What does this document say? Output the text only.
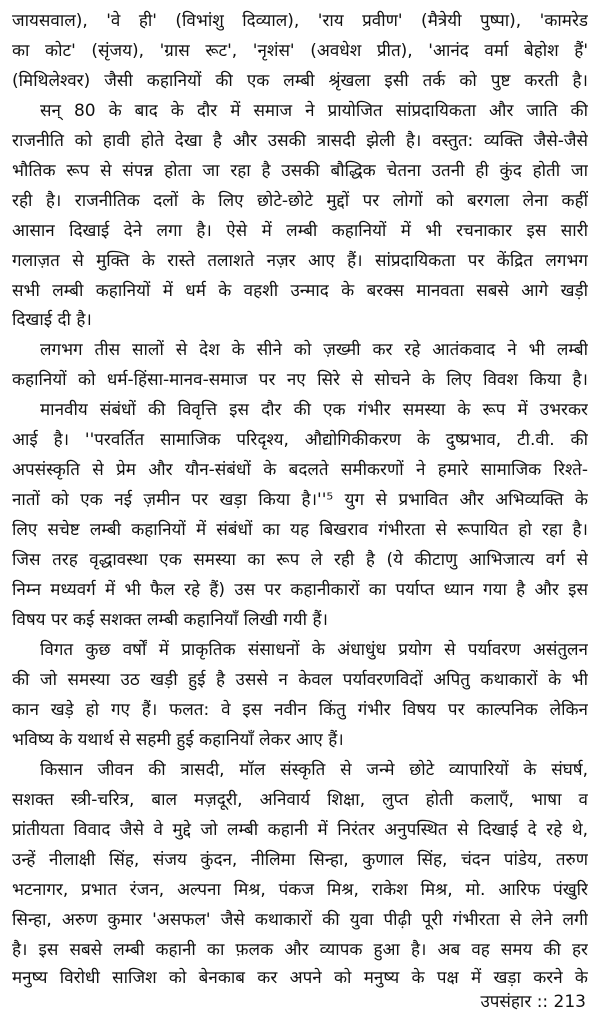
जायसवाल), 'वे ही' (विभांशु दिव्याल), 'राय प्रवीण' (मैत्रेयी पुष्पा), 'कामरेड
का कोट' (सृंजय), 'ग्रास रूट', 'नृशंस' (अवधेश प्रीत), 'आनंद वर्मा बेहोश हैं'
(मिथिलेश्वर) जैसी कहानियों की एक लम्बी श्रृंखला इसी तर्क को पुष्ट करती है।
सन् 80 के बाद के दौर में समाज ने प्रायोजित सांप्रदायिकता और जाति की
राजनीति को हावी होते देखा है और उसकी त्रासदी झेली है। वस्तुत: व्यक्ति जैसे-जैसे
भौतिक रूप से संपन्न होता जा रहा है उसकी बौद्धिक चेतना उतनी ही कुंद होती जा
रही है। राजनीतिक दलों के लिए छोटे-छोटे मुद्दों पर लोगों को बरगला लेना कहीं
आसान दिखाई देने लगा है। ऐसे में लम्बी कहानियों में भी रचनाकार इस सारी
गलाज़त से मुक्ति के रास्ते तलाशते नज़र आए हैं। सांप्रदायिकता पर केंद्रित लगभग
सभी लम्बी कहानियों में धर्म के वहशी उन्माद के बरक्स मानवता सबसे आगे खड़ी
दिखाई दी है।
लगभग तीस सालों से देश के सीने को ज़ख्मी कर रहे आतंकवाद ने भी लम्बी
कहानियों को धर्म-हिंसा-मानव-समाज पर नए सिरे से सोचने के लिए विवश किया है।
मानवीय संबंधों की विवृत्ति इस दौर की एक गंभीर समस्या के रूप में उभरकर
आई है। ''परवर्तित सामाजिक परिदृश्य, औद्योगिकीकरण के दुष्प्रभाव, टी.वी. की
अपसंस्कृति से प्रेम और यौन-संबंधों के बदलते समीकरणों ने हमारे सामाजिक रिश्ते-
नातों को एक नई ज़मीन पर खड़ा किया है।''⁵ युग से प्रभावित और अभिव्यक्ति के
लिए सचेष्ट लम्बी कहानियों में संबंधों का यह बिखराव गंभीरता से रूपायित हो रहा है।
जिस तरह वृद्धावस्था एक समस्या का रूप ले रही है (ये कीटाणु आभिजात्य वर्ग से
निम्न मध्यवर्ग में भी फैल रहे हैं) उस पर कहानीकारों का पर्याप्त ध्यान गया है और इस
विषय पर कई सशक्त लम्बी कहानियाँ लिखी गयी हैं।
विगत कुछ वर्षों में प्राकृतिक संसाधनों के अंधाधुंध प्रयोग से पर्यावरण असंतुलन
की जो समस्या उठ खड़ी हुई है उससे न केवल पर्यावरणविदों अपितु कथाकारों के भी
कान खड़े हो गए हैं। फलत: वे इस नवीन किंतु गंभीर विषय पर काल्पनिक लेकिन
भविष्य के यथार्थ से सहमी हुई कहानियाँ लेकर आए हैं।
किसान जीवन की त्रासदी, मॉल संस्कृति से जन्मे छोटे व्यापारियों के संघर्ष,
सशक्त स्त्री-चरित्र, बाल मज़दूरी, अनिवार्य शिक्षा, लुप्त होती कलाएँ, भाषा व
प्रांतीयता विवाद जैसे वे मुद्दे जो लम्बी कहानी में निरंतर अनुपस्थित से दिखाई दे रहे थे,
उन्हें नीलाक्षी सिंह, संजय कुंदन, नीलिमा सिन्हा, कुणाल सिंह, चंदन पांडेय, तरुण
भटनागर, प्रभात रंजन, अल्पना मिश्र, पंकज मिश्र, राकेश मिश्र, मो. आरिफ पंखुरि
सिन्हा, अरुण कुमार 'असफल' जैसे कथाकारों की युवा पीढ़ी पूरी गंभीरता से लेने लगी
है। इस सबसे लम्बी कहानी का फ़लक और व्यापक हुआ है। अब वह समय की हर
मनुष्य विरोधी साजिश को बेनकाब कर अपने को मनुष्य के पक्ष में खड़ा करने के
उपसंहार :: 213
